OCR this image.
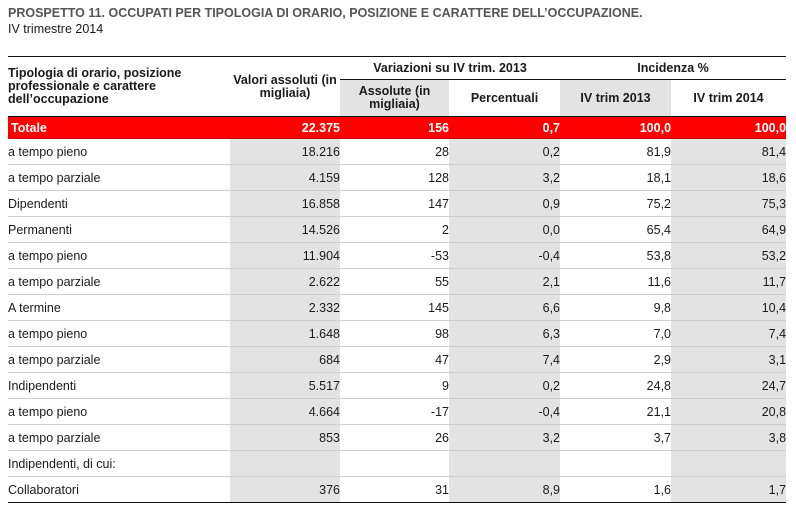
PROSPETTO 11. OCCUPATI PER TIPOLOGIA DI ORARIO, POSIZIONE E CARATTERE DELL’OCCUPAZIONE.
IV trimestre 2014
Tipologia di orario, posizione professionale e carattere dell’occupazione	Valori assoluti (in migliaia)	Variazioni su IV trim. 2013		Incidenza %	
		Assolute (in migliaia)	Percentuali	IV trim 2013	IV trim 2014
Totale	22.375	156	0,7	100,0	100,0
a tempo pieno	18.216	28	0,2	81,9	81,4
a tempo parziale	4.159	128	3,2	18,1	18,6
Dipendenti	16.858	147	0,9	75,2	75,3
Permanenti	14.526	2	0,0	65,4	64,9
a tempo pieno	11.904	-53	-0,4	53,8	53,2
a tempo parziale	2.622	55	2,1	11,6	11,7
A termine	2.332	145	6,6	9,8	10,4
a tempo pieno	1.648	98	6,3	7,0	7,4
a tempo parziale	684	47	7,4	2,9	3,1
Indipendenti	5.517	9	0,2	24,8	24,7
a tempo pieno	4.664	-17	-0,4	21,1	20,8
a tempo parziale	853	26	3,2	3,7	3,8
Indipendenti, di cui:					
Collaboratori	376	31	8,9	1,6	1,7
